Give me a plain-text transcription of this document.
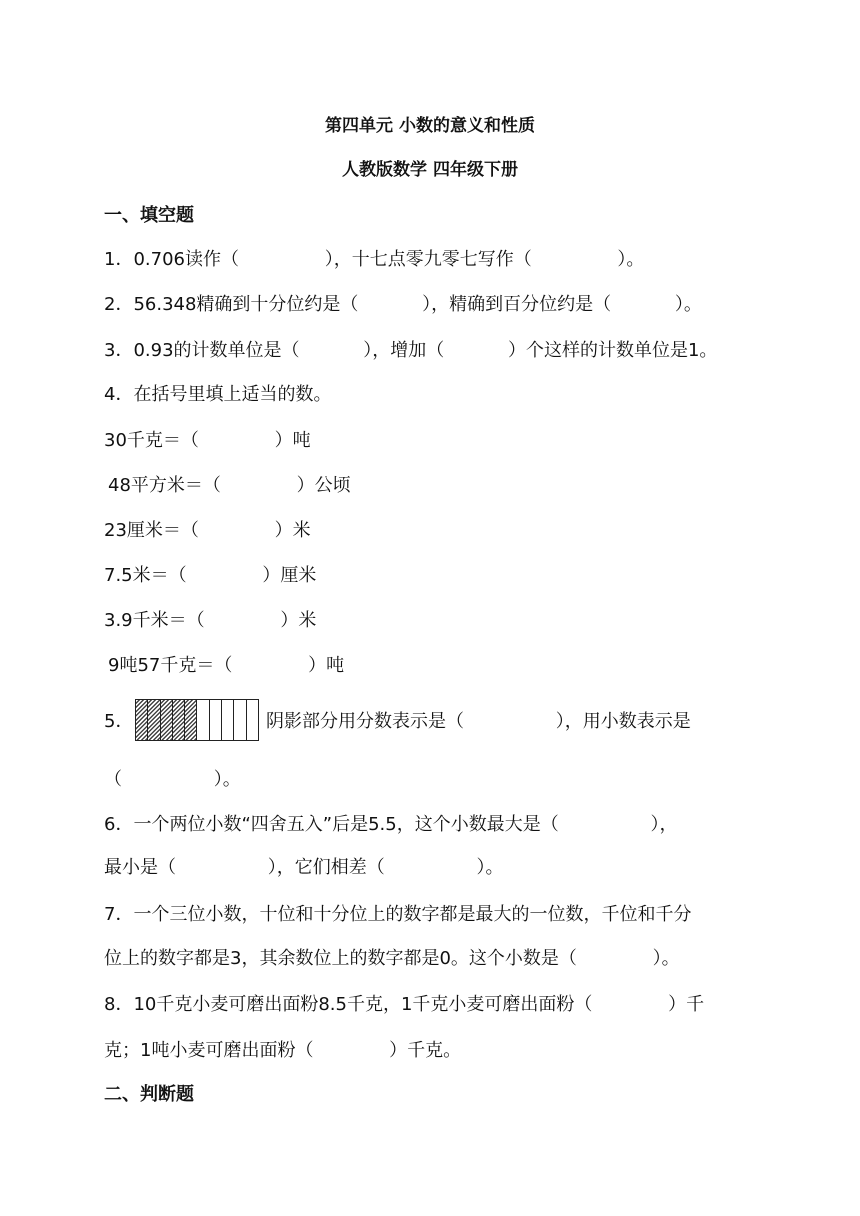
第四单元 小数的意义和性质
人教版数学 四年级下册
一、填空题
1．0.706读作（ ），十七点零九零七写作（ ）。
2．56.348精确到十分位约是（ ），精确到百分位约是（ ）。
3．0.93的计数单位是（ ），增加（ ）个这样的计数单位是1。
4．在括号里填上适当的数。
30千克＝（ ）吨
48平方米＝（ ）公顷
23厘米＝（ ）米
7.5米＝（ ）厘米
3.9千米＝（ ）米
9吨57千克＝（ ）吨
5．	阴影部分用分数表示是（ ），用小数表示是
（ ）。
6．一个两位小数“四舍五入”后是5.5，这个小数最大是（ ），
最小是（ ），它们相差（ ）。
7．一个三位小数，十位和十分位上的数字都是最大的一位数，千位和千分
位上的数字都是3，其余数位上的数字都是0。这个小数是（ ）。
8．10千克小麦可磨出面粉8.5千克，1千克小麦可磨出面粉（ ）千
克；1吨小麦可磨出面粉（ ）千克。
二、判断题
